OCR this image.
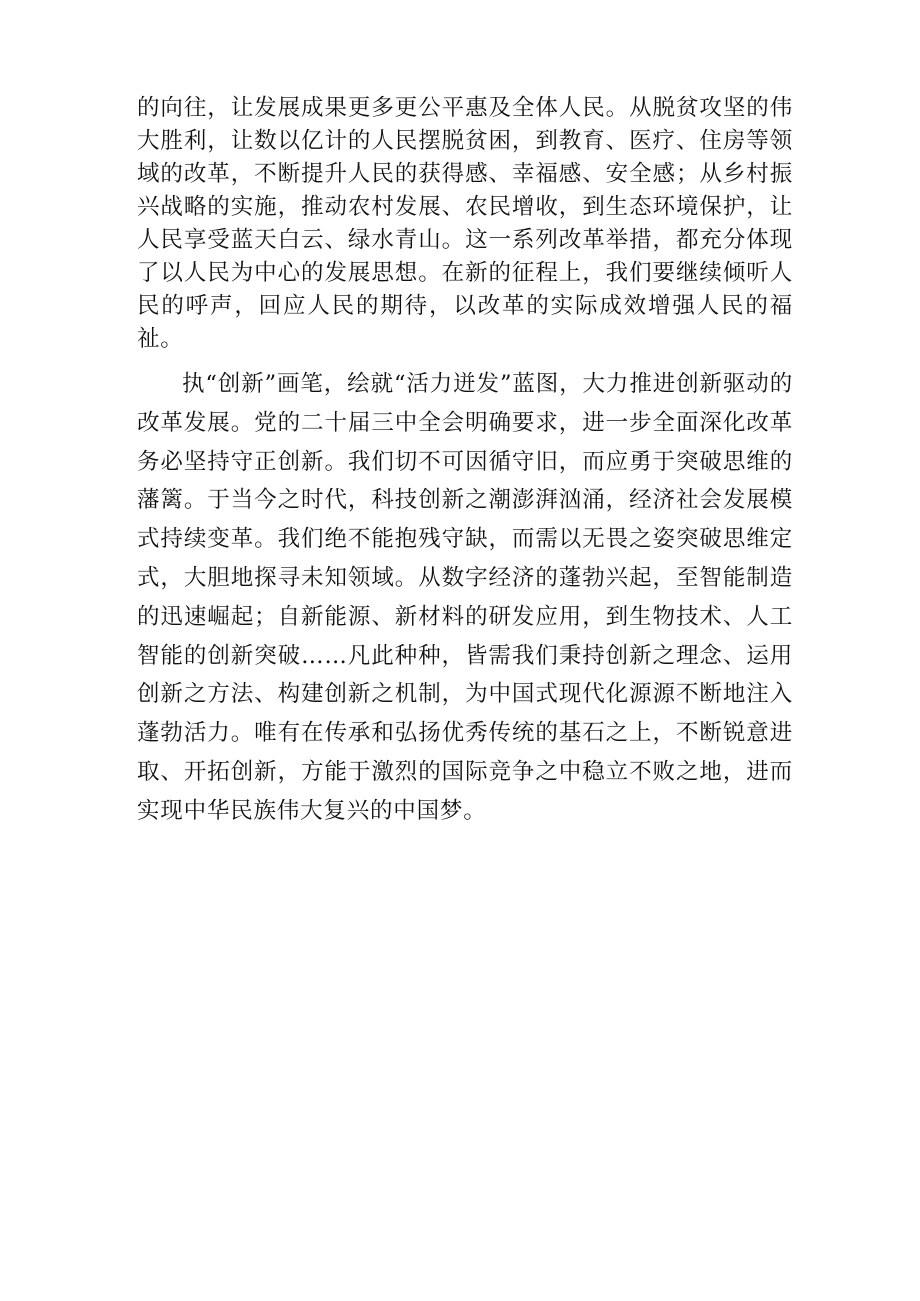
的向往，让发展成果更多更公平惠及全体人民。从脱贫攻坚的伟大胜利，让数以亿计的人民摆脱贫困，到教育、医疗、住房等领域的改革，不断提升人民的获得感、幸福感、安全感；从乡村振兴战略的实施，推动农村发展、农民增收，到生态环境保护，让人民享受蓝天白云、绿水青山。这一系列改革举措，都充分体现了以人民为中心的发展思想。在新的征程上，我们要继续倾听人民的呼声，回应人民的期待，以改革的实际成效增强人民的福祉。

执“创新”画笔，绘就“活力迸发”蓝图，大力推进创新驱动的改革发展。党的二十届三中全会明确要求，进一步全面深化改革务必坚持守正创新。我们切不可因循守旧，而应勇于突破思维的藩篱。于当今之时代，科技创新之潮澎湃汹涌，经济社会发展模式持续变革。我们绝不能抱残守缺，而需以无畏之姿突破思维定式，大胆地探寻未知领域。从数字经济的蓬勃兴起，至智能制造的迅速崛起；自新能源、新材料的研发应用，到生物技术、人工智能的创新突破……凡此种种，皆需我们秉持创新之理念、运用创新之方法、构建创新之机制，为中国式现代化源源不断地注入蓬勃活力。唯有在传承和弘扬优秀传统的基石之上，不断锐意进取、开拓创新，方能于激烈的国际竞争之中稳立不败之地，进而实现中华民族伟大复兴的中国梦。
